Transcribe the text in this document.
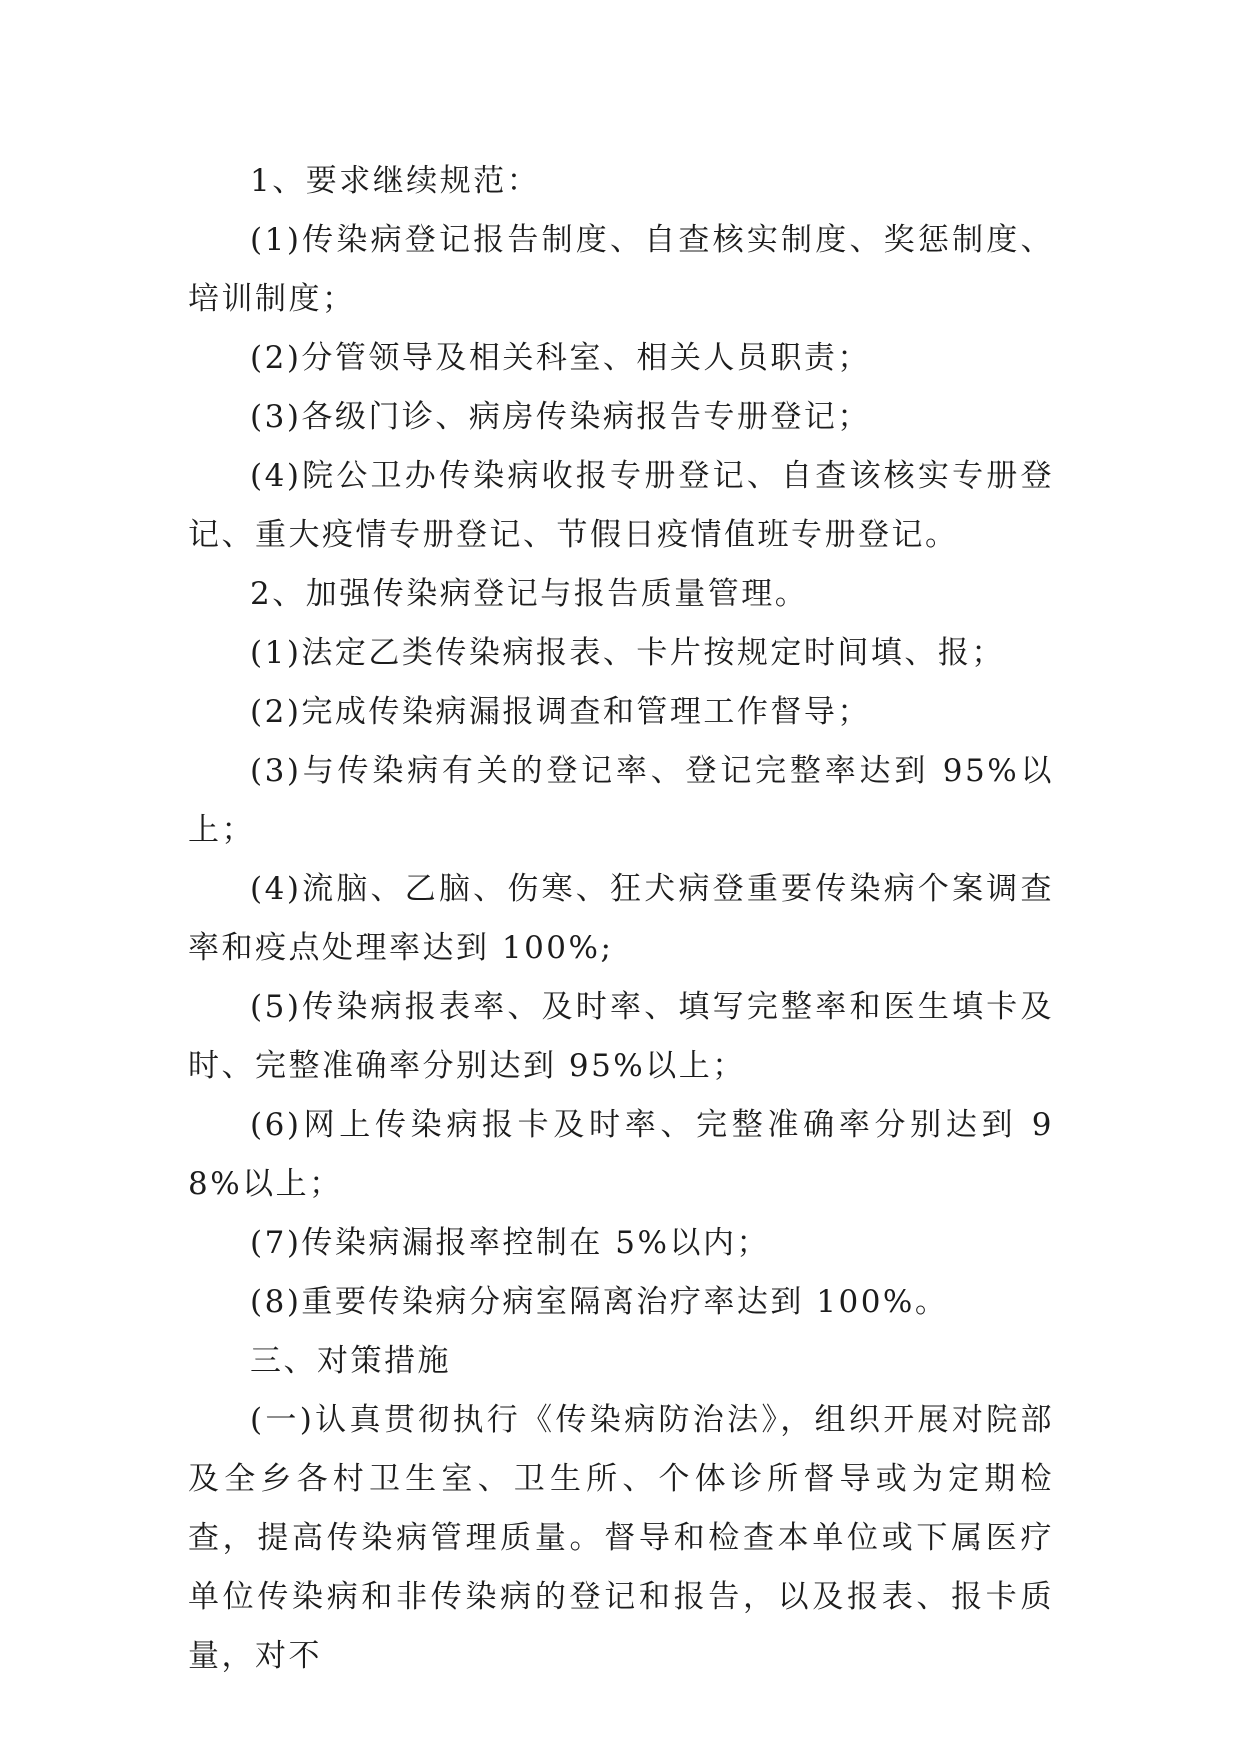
1、要求继续规范：

(1)传染病登记报告制度、自查核实制度、奖惩制度、培训制度；

(2)分管领导及相关科室、相关人员职责；

(3)各级门诊、病房传染病报告专册登记；

(4)院公卫办传染病收报专册登记、自查该核实专册登记、重大疫情专册登记、节假日疫情值班专册登记。

2、加强传染病登记与报告质量管理。

(1)法定乙类传染病报表、卡片按规定时间填、报；

(2)完成传染病漏报调查和管理工作督导；

(3)与传染病有关的登记率、登记完整率达到 95%以上；

(4)流脑、乙脑、伤寒、狂犬病登重要传染病个案调查率和疫点处理率达到 100%;

(5)传染病报表率、及时率、填写完整率和医生填卡及时、完整准确率分别达到 95%以上；

(6)网上传染病报卡及时率、完整准确率分别达到 98%以上；

(7)传染病漏报率控制在 5%以内；

(8)重要传染病分病室隔离治疗率达到 100%。

三、对策措施

(一)认真贯彻执行《传染病防治法》，组织开展对院部及全乡各村卫生室、卫生所、个体诊所督导或为定期检查，提高传染病管理质量。督导和检查本单位或下属医疗单位传染病和非传染病的登记和报告，以及报表、报卡质量，对不
